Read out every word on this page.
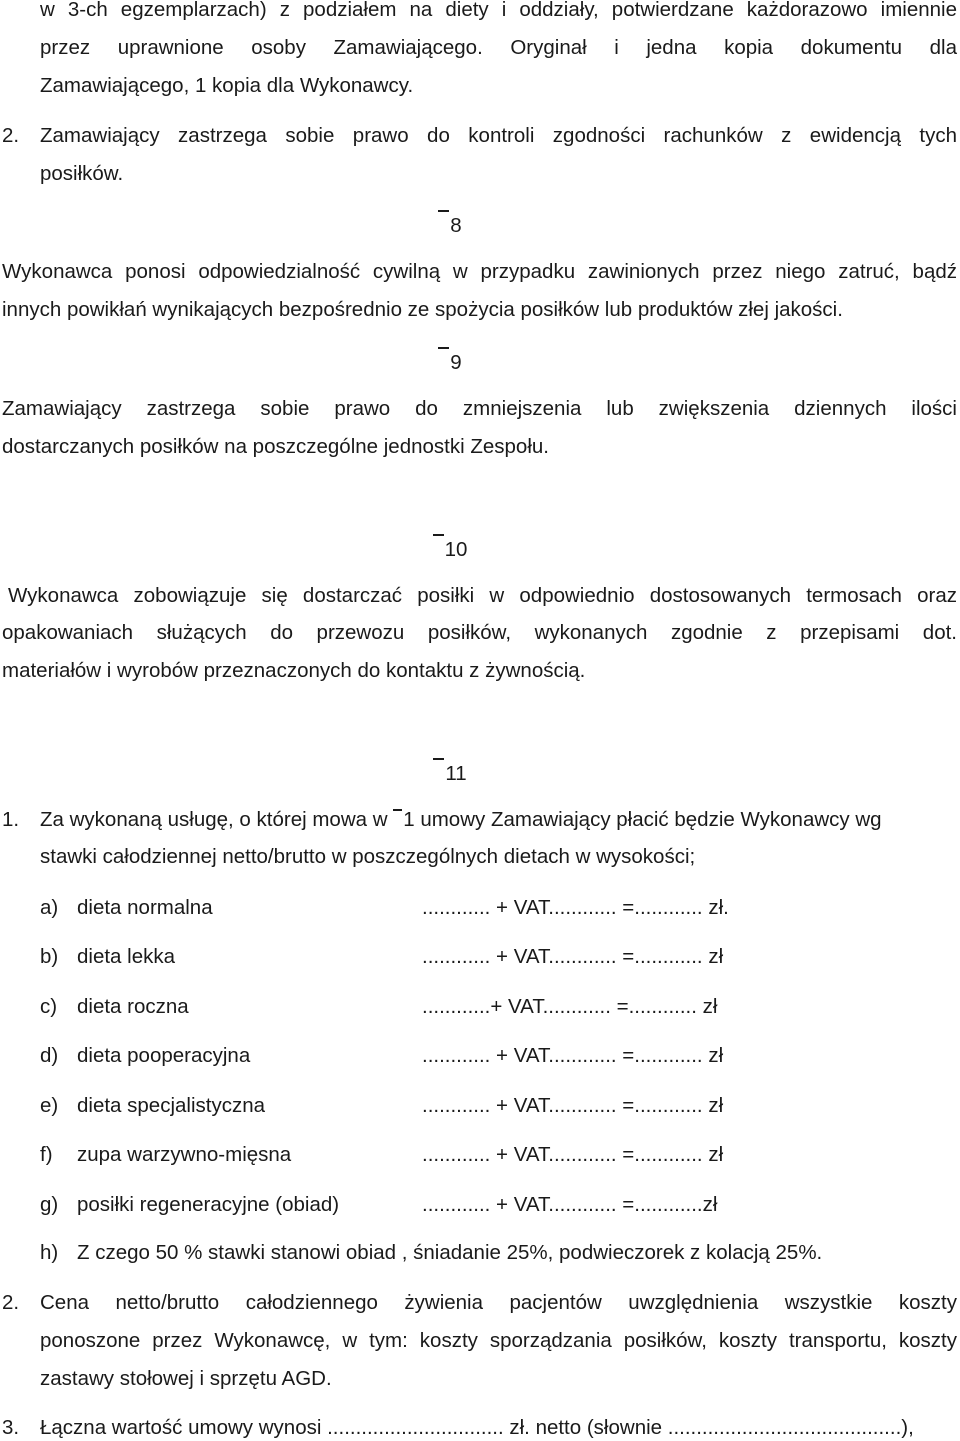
w 3-ch egzemplarzach) z podziałem na diety i oddziały, potwierdzane każdorazowo imiennie
przez uprawnione osoby Zamawiającego. Oryginał i jedna kopia dokumentu dla
Zamawiającego, 1 kopia dla Wykonawcy.
2. Zamawiający zastrzega sobie prawo do kontroli zgodności rachunków z ewidencją tych
posiłków.
8
Wykonawca ponosi odpowiedzialność cywilną w przypadku zawinionych przez niego zatruć, bądź
innych powikłań wynikających bezpośrednio ze spożycia posiłków lub produktów złej jakości.
9
Zamawiający zastrzega sobie prawo do zmniejszenia lub zwiększenia dziennych ilości
dostarczanych posiłków na poszczególne jednostki Zespołu.
10
Wykonawca zobowiązuje się dostarczać posiłki w odpowiednio dostosowanych termosach oraz
opakowaniach służących do przewozu posiłków, wykonanych zgodnie z przepisami dot.
materiałów i wyrobów przeznaczonych do kontaktu z żywnością.
11
1. Za wykonaną usługę, o której mowa w 1 umowy Zamawiający płacić będzie Wykonawcy wg
stawki całodziennej netto/brutto w poszczególnych dietach w wysokości;
a) dieta normalna	............ + VAT............ =............ zł.
b) dieta lekka	............ + VAT............ =............ zł
c) dieta roczna	............+ VAT............ =............ zł
d) dieta pooperacyjna	............ + VAT............ =............ zł
e) dieta specjalistyczna	............ + VAT............ =............ zł
f) zupa warzywno-mięsna	............ + VAT............ =............ zł
g) posiłki regeneracyjne (obiad)	............ + VAT............ =............zł
h) Z czego 50 % stawki stanowi obiad , śniadanie 25%, podwieczorek z kolacją 25%.
2. Cena netto/brutto całodziennego żywienia pacjentów uwzględnienia wszystkie koszty
ponoszone przez Wykonawcę, w tym: koszty sporządzania posiłków, koszty transportu, koszty
zastawy stołowej i sprzętu AGD.
3. Łączna wartość umowy wynosi ............................... zł. netto (słownie .........................................),
